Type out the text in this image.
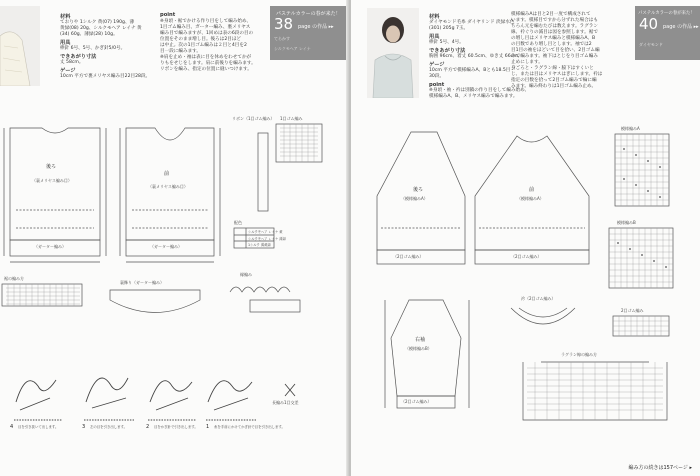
材料
ておりや 1シルク 黄(07) 190g、薄
黄緑(08) 20g、シルクモヘア レイナ 黄
(34) 60g、薄緑(28) 10g。
用具
棒針 6号、5号、かぎ針5/0号。
できあがり寸法
丈 58cm。
ゲージ
10cm 平方で裏メリヤス編み目22目28段。
point
※身頃・裾でかける作り目をして編み始め、
1目ゴム編み目、ガーター編み、裏メリヤス
編み目で編みますが、1回めは表の6段の目の
位置をそのまま増し目。後ろは2目ほど
は中止。次の1目ゴム編みは２目と4目を2
目一段に編みます。
※肩を止め・袖は表に目を休めをわせてかが
りもをせじをします。肩に前後りを編みます。
リボンを編み、指定の位置に縫いつけます。
パステルカラーの春が来た！
38 page の作品 ▸▸
てらかす
シルクモヘア レイナ
後ろ
（裏メリヤス編み目）
前
（裏メリヤス編み目）
（ガーター編み）	（ガーター編み）
リボン（1目ゴム編み） 1目ゴム編み
配色
シルクモヘア レイナ 黄
シルクモヘア レイナ 薄緑
1シルク 薄黄緑
裾の編み方
裏飾り（ガーター編み）
縁編み
4 目を引き抜いて出します。	3 左の目を引き出します。	2 目をかぎ針で引き出します。 1 糸を手前にかけてかぎ針で目を引き出します。
長編み1目交差
材料
ダイヤモンド毛糸 ダイヤリンド 淡緑水色
(301) 205g 7玉。
用具
棒針 5号、4号。
できあがり寸法
胸囲 96cm、着丈 60.5cm、ゆき丈 66cm。
ゲージ
10cm 平方で模様編みA、Bとも18.5目・
30段。
point
※身頃・袖・衿は別鎖の作り目をして編み始め、
模様編みA、B、メリヤス編みで編みます。
模様編みAは目と2目一度で構成されて
います。模様目ですから分ずれた場合はも
ちろん元を編むたびは数えます。ラグラン
線、衿ぐりの減目は図を参照します。裾で
の増し目はメリヤス編みと模様編みA、B
の目数であり増し目とします。袖では2
目1目の袖をほどいて目を拾い、2目ゴム編
みで編みます。袖下はとじをり目ゴム編み
止めにします。
身ごろと・ラグラン線・脇下はすくいと
じ、または目はメリヤスはぎにします。衿は
指定の目数を拾って2目ゴム編みで輪に編
みます。編み終わりは1目ゴム編み止め。
パステルカラーの春が来た！
40 page の作品 ▸▸
ダイヤモンド
後ろ
（模様編みA）
前
（模様編みA）
（2目ゴム編み）	（2目ゴム編み）
右袖
（模様編みB）
（2目ゴム編み）
衿（2目ゴム編み）
ラグラン線の編み方
模様編みA
模様編みB
2目ゴム編み
編み方の続きは157ページ ▸
